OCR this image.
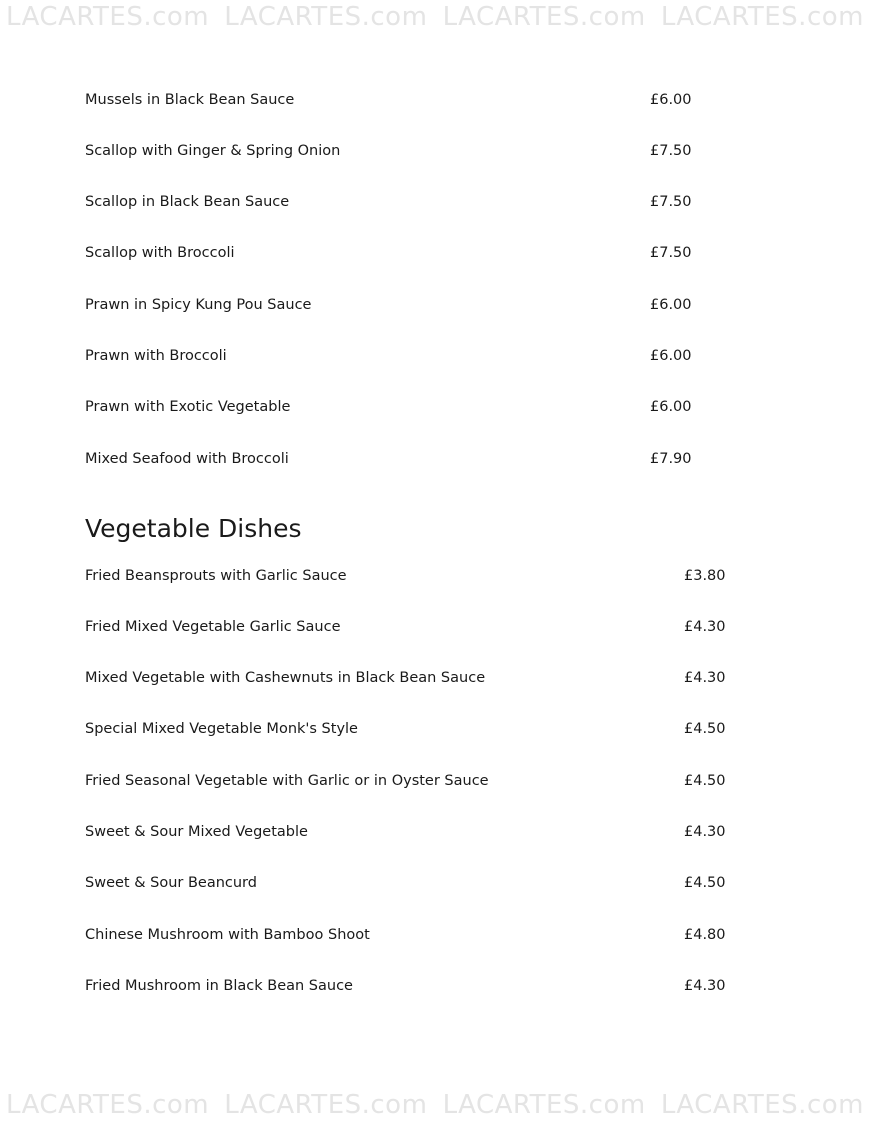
LACARTES.com LACARTES.com LACARTES.com LACARTES.com
Mussels in Black Bean Sauce	£6.00
Scallop with Ginger & Spring Onion	£7.50
Scallop in Black Bean Sauce	£7.50
Scallop with Broccoli	£7.50
Prawn in Spicy Kung Pou Sauce	£6.00
Prawn with Broccoli	£6.00
Prawn with Exotic Vegetable	£6.00
Mixed Seafood with Broccoli	£7.90
Vegetable Dishes
Fried Beansprouts with Garlic Sauce	£3.80
Fried Mixed Vegetable Garlic Sauce	£4.30
Mixed Vegetable with Cashewnuts in Black Bean Sauce	£4.30
Special Mixed Vegetable Monk's Style	£4.50
Fried Seasonal Vegetable with Garlic or in Oyster Sauce	£4.50
Sweet & Sour Mixed Vegetable	£4.30
Sweet & Sour Beancurd	£4.50
Chinese Mushroom with Bamboo Shoot	£4.80
Fried Mushroom in Black Bean Sauce	£4.30
LACARTES.com LACARTES.com LACARTES.com LACARTES.com
